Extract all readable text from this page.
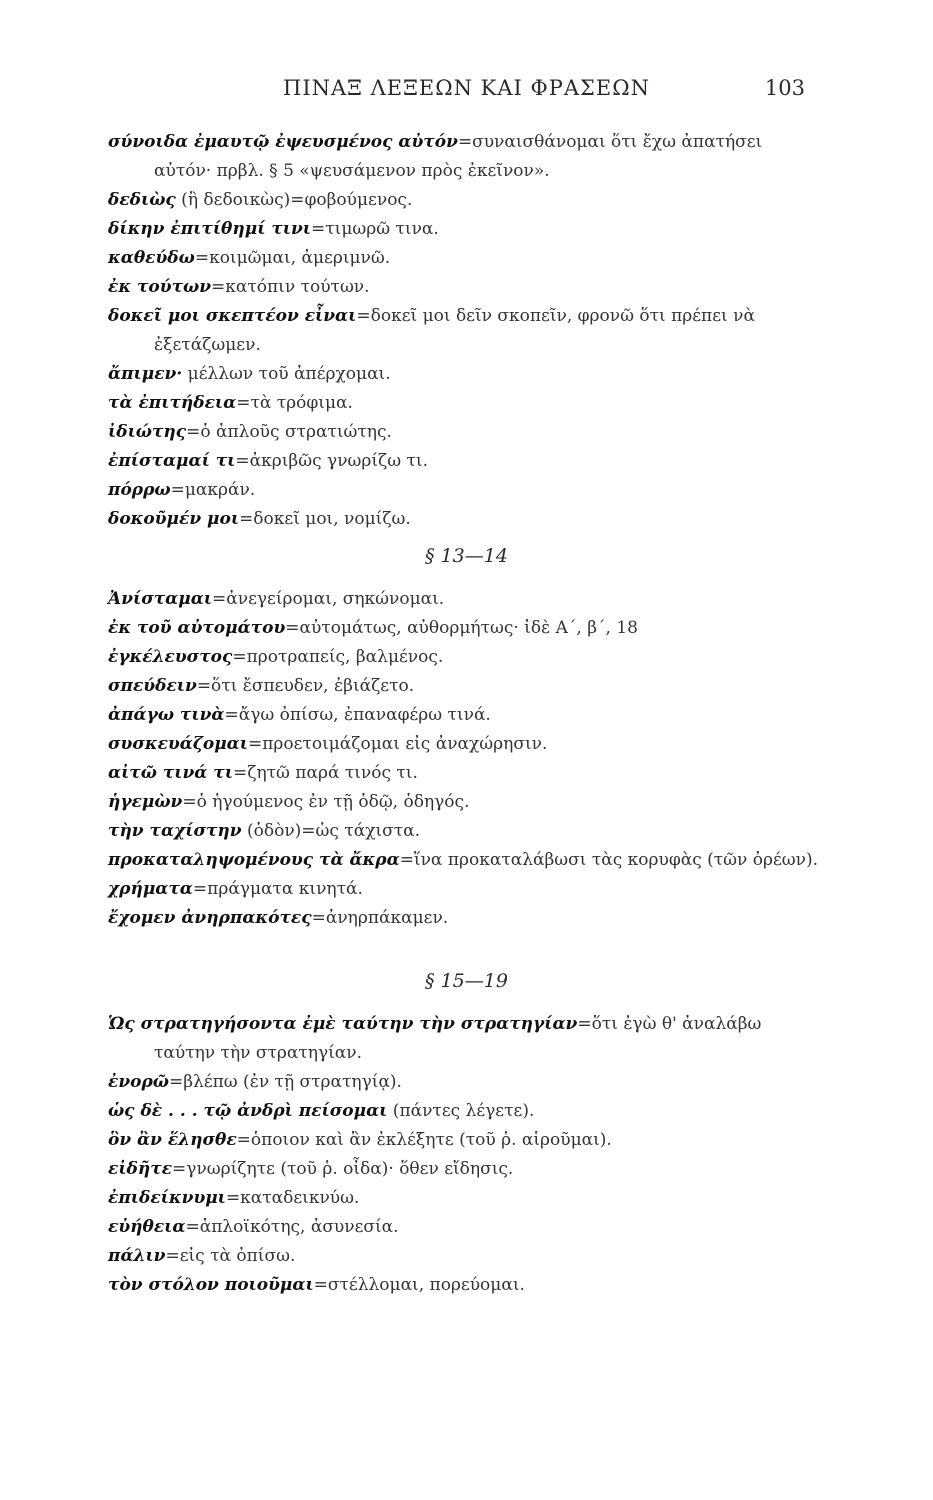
ΠΙΝΑΞ ΛΕΞΕΩΝ ΚΑΙ ΦΡΑΣΕΩΝ	103

σύνοιδα ἐμαυτῷ ἐψευσμένος αὐτόν=συναισθάνομαι ὅτι ἔχω ἀπατήσει αὐτόν· πρβλ. § 5 «ψευσάμενον πρὸς ἐκεῖνον».

δεδιὼς (ἢ δεδοικὼς)=φοβούμενος.

δίκην ἐπιτίθημί τινι=τιμωρῶ τινα.

καθεύδω=κοιμῶμαι, ἀμεριμνῶ.

ἐκ τούτων=κατόπιν τούτων.

δοκεῖ μοι σκεπτέον εἶναι=δοκεῖ μοι δεῖν σκοπεῖν, φρονῶ ὅτι πρέπει νὰ ἐξετάζωμεν.

ἄπιμεν· μέλλων τοῦ ἀπέρχομαι.

τὰ ἐπιτήδεια=τὰ τρόφιμα.

ἰδιώτης=ὁ ἁπλοῦς στρατιώτης.

ἐπίσταμαί τι=ἀκριβῶς γνωρίζω τι.

πόρρω=μακράν.

δοκοῦμέν μοι=δοκεῖ μοι, νομίζω.

§ 13—14

Ἀνίσταμαι=ἀνεγείρομαι, σηκώνομαι.

ἐκ τοῦ αὐτομάτου=αὐτομάτως, αὐθορμήτως· ἰδὲ Α´, β´, 18

ἐγκέλευστος=προτραπείς, βαλμένος.

σπεύδειν=ὅτι ἔσπευδεν, ἐβιάζετο.

ἀπάγω τινὰ=ἄγω ὀπίσω, ἐπαναφέρω τινά.

συσκευάζομαι=προετοιμάζομαι εἰς ἀναχώρησιν.

αἰτῶ τινά τι=ζητῶ παρά τινός τι.

ἡγεμὼν=ὁ ἡγούμενος ἐν τῇ ὁδῷ, ὁδηγός.

τὴν ταχίστην (ὁδὸν)=ὡς τάχιστα.

προκαταληψομένους τὰ ἄκρα=ἵνα προκαταλάβωσι τὰς κορυφὰς (τῶν ὀρέων).

χρήματα=πράγματα κινητά.

ἔχομεν ἀνηρπακότες=ἀνηρπάκαμεν.

§ 15—19

Ὡς στρατηγήσοντα ἐμὲ ταύτην τὴν στρατηγίαν=ὅτι ἐγὼ θ' ἀναλάβω ταύτην τὴν στρατηγίαν.

ἐνορῶ=βλέπω (ἐν τῇ στρατηγίᾳ).

ὡς δὲ . . . τῷ ἀνδρὶ πείσομαι (πάντες λέγετε).

ὃν ἂν ἕλησθε=ὁποιον καὶ ἂν ἐκλέξητε (τοῦ ῥ. αἱροῦμαι).

εἰδῆτε=γνωρίζητε (τοῦ ῥ. οἶδα)· ὅθεν εἴδησις.

ἐπιδείκνυμι=καταδεικνύω.

εὐήθεια=ἁπλοϊκότης, ἀσυνεσία.

πάλιν=εἰς τὰ ὀπίσω.

τὸν στόλον ποιοῦμαι=στέλλομαι, πορεύομαι.
